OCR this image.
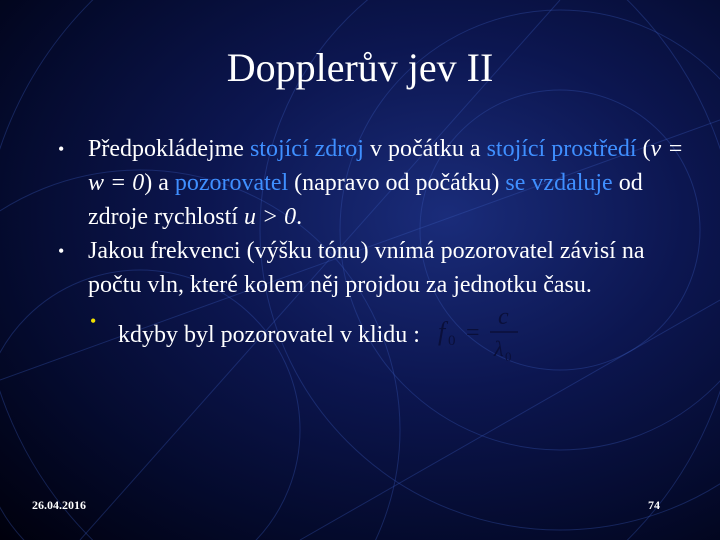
Dopplerův jev II

• Předpokládejme stojící zdroj v počátku a stojící prostředí (v = w = 0) a pozorovatel (napravo od počátku) se vzdaluje od zdroje rychlostí u > 0.

• Jakou frekvenci (výšku tónu) vnímá pozorovatel závisí na počtu vln, které kolem něj projdou za jednotku času.

•
kdyby byl pozorovatel v klidu : f 0 =
c
λ 0

26.04.2016	74
